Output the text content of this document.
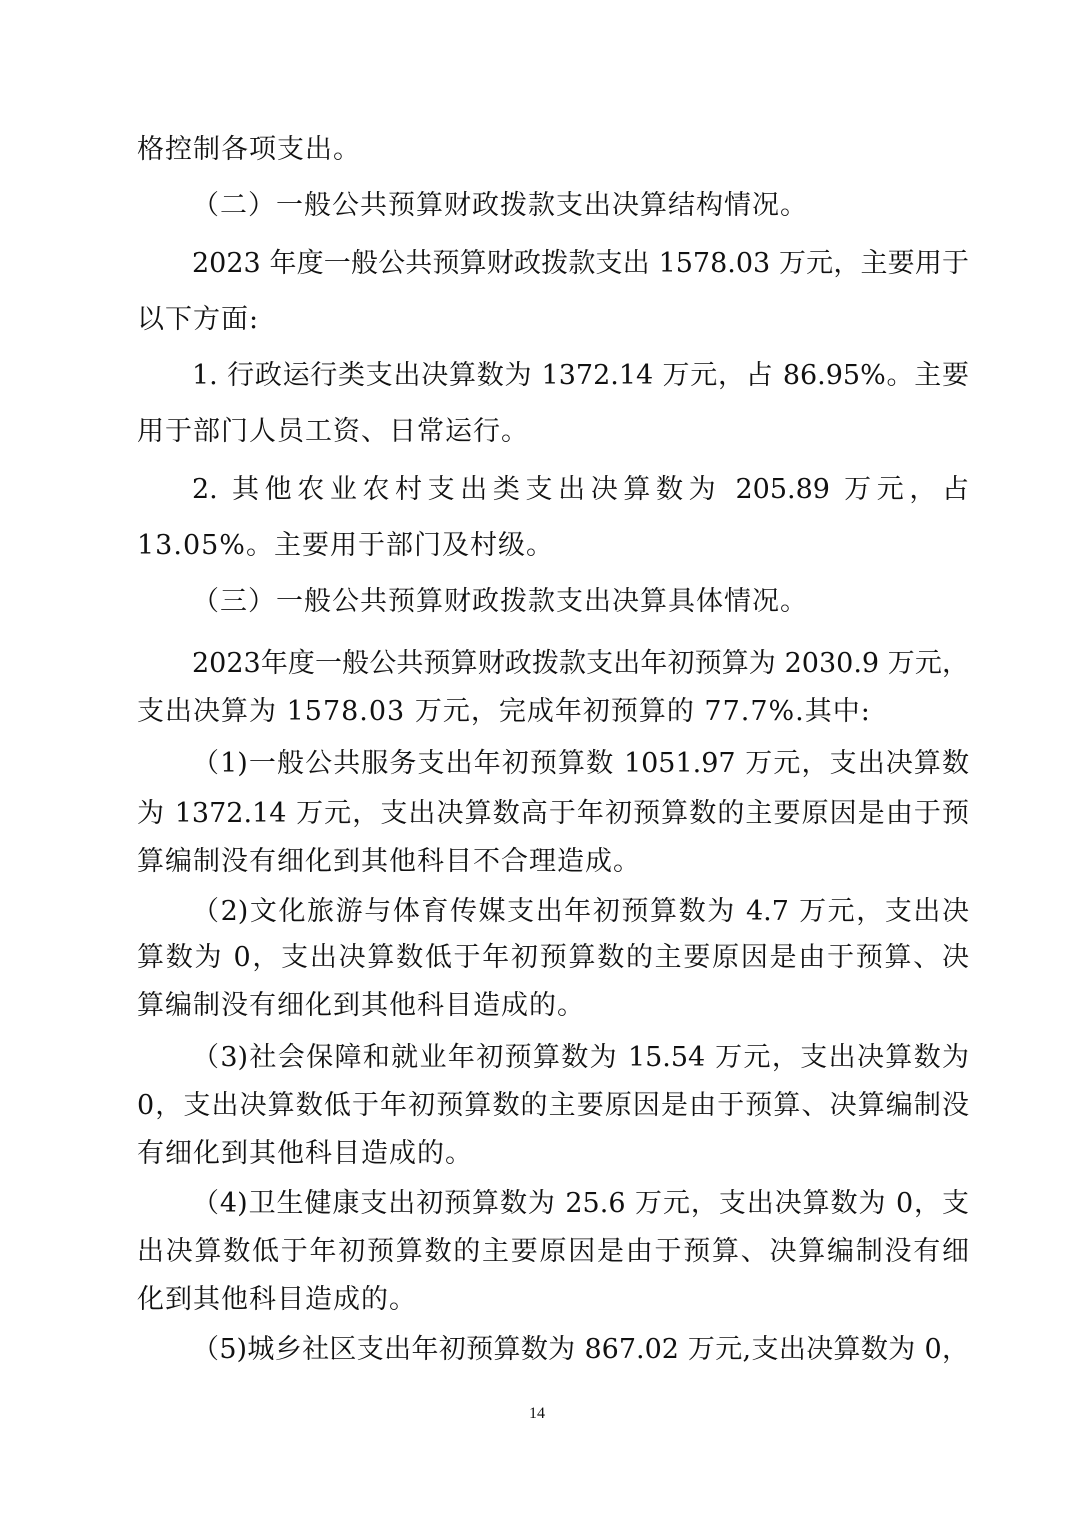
格控制各项支出。
（二）一般公共预算财政拨款支出决算结构情况。
2023 年度一般公共预算财政拨款支出 1578.03 万元，主要用于
以下方面:
1. 行政运行类支出决算数为 1372.14 万元，占 86.95%。主要
用于部门人员工资、日常运行。
2. 其他农业农村支出类支出决算数为 205.89 万元，占
13.05%。主要用于部门及村级。
（三）一般公共预算财政拨款支出决算具体情况。
2023年度一般公共预算财政拨款支出年初预算为 2030.9 万元，
支出决算为 1578.03 万元，完成年初预算的 77.7%.其中:
（1)一般公共服务支出年初预算数 1051.97 万元，支出决算数
为 1372.14 万元，支出决算数高于年初预算数的主要原因是由于预
算编制没有细化到其他科目不合理造成。
（2)文化旅游与体育传媒支出年初预算数为 4.7 万元，支出决
算数为 0，支出决算数低于年初预算数的主要原因是由于预算、决
算编制没有细化到其他科目造成的。
（3)社会保障和就业年初预算数为 15.54 万元，支出决算数为
0，支出决算数低于年初预算数的主要原因是由于预算、决算编制没
有细化到其他科目造成的。
（4)卫生健康支出初预算数为 25.6 万元，支出决算数为 0，支
出决算数低于年初预算数的主要原因是由于预算、决算编制没有细
化到其他科目造成的。
（5)城乡社区支出年初预算数为 867.02 万元,支出决算数为 0，
14
